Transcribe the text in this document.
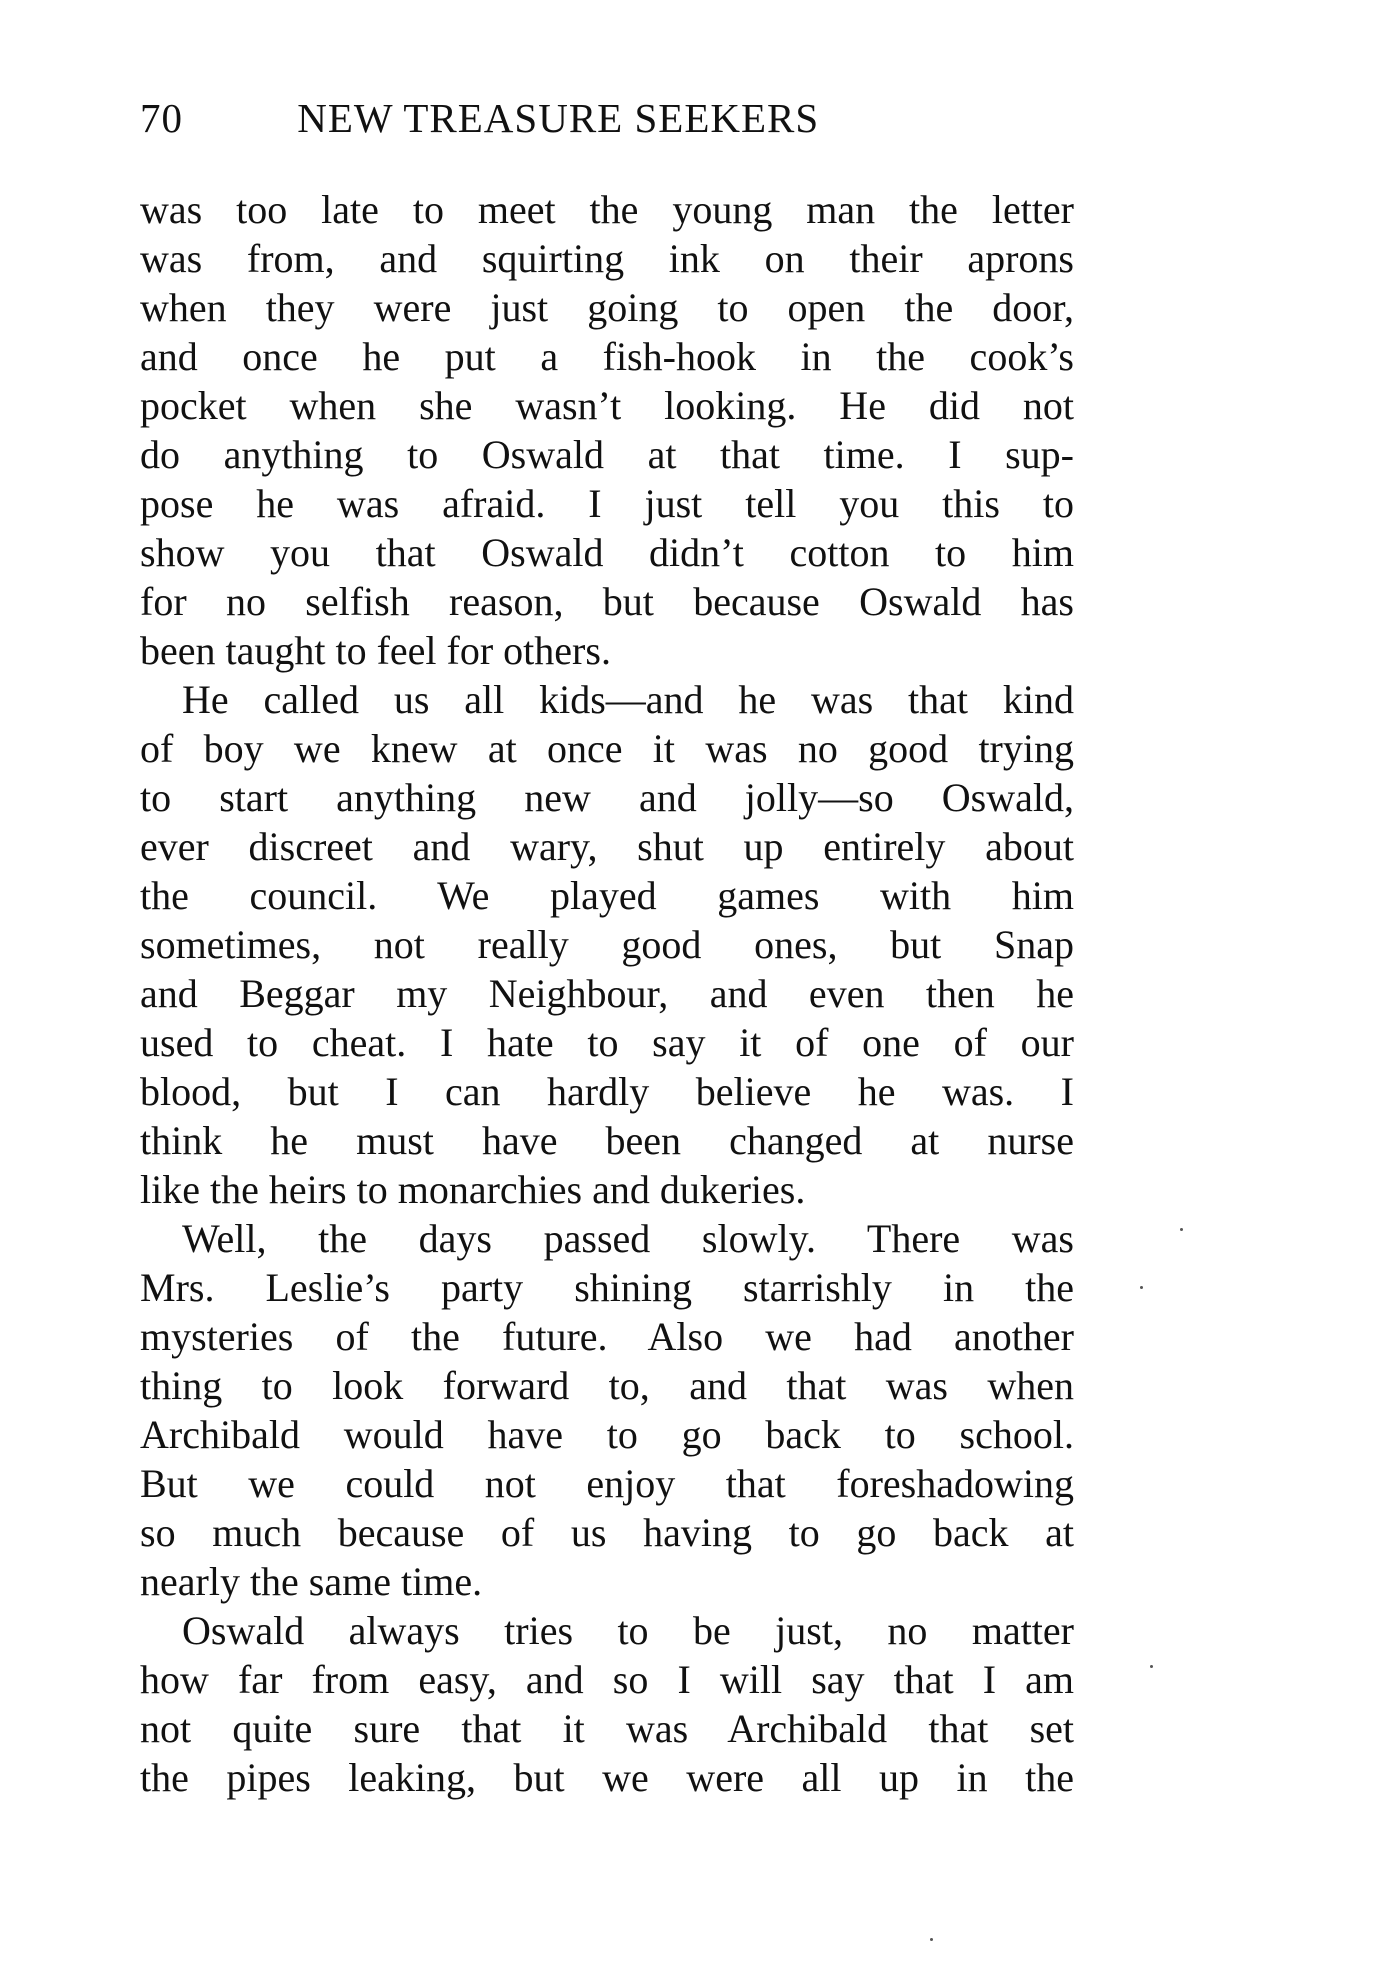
70	NEW TREASURE SEEKERS
was too late to meet the young man the letter
was from, and squirting ink on their aprons
when they were just going to open the door,
and once he put a fish-hook in the cook’s
pocket when she wasn’t looking. He did not
do anything to Oswald at that time. I sup-
pose he was afraid. I just tell you this to
show you that Oswald didn’t cotton to him
for no selfish reason, but because Oswald has
been taught to feel for others.
He called us all kids—and he was that kind
of boy we knew at once it was no good trying
to start anything new and jolly—so Oswald,
ever discreet and wary, shut up entirely about
the council. We played games with him
sometimes, not really good ones, but Snap
and Beggar my Neighbour, and even then he
used to cheat. I hate to say it of one of our
blood, but I can hardly believe he was. I
think he must have been changed at nurse
like the heirs to monarchies and dukeries.
Well, the days passed slowly. There was
Mrs. Leslie’s party shining starrishly in the
mysteries of the future. Also we had another
thing to look forward to, and that was when
Archibald would have to go back to school.
But we could not enjoy that foreshadowing
so much because of us having to go back at
nearly the same time.
Oswald always tries to be just, no matter
how far from easy, and so I will say that I am
not quite sure that it was Archibald that set
the pipes leaking, but we were all up in the
